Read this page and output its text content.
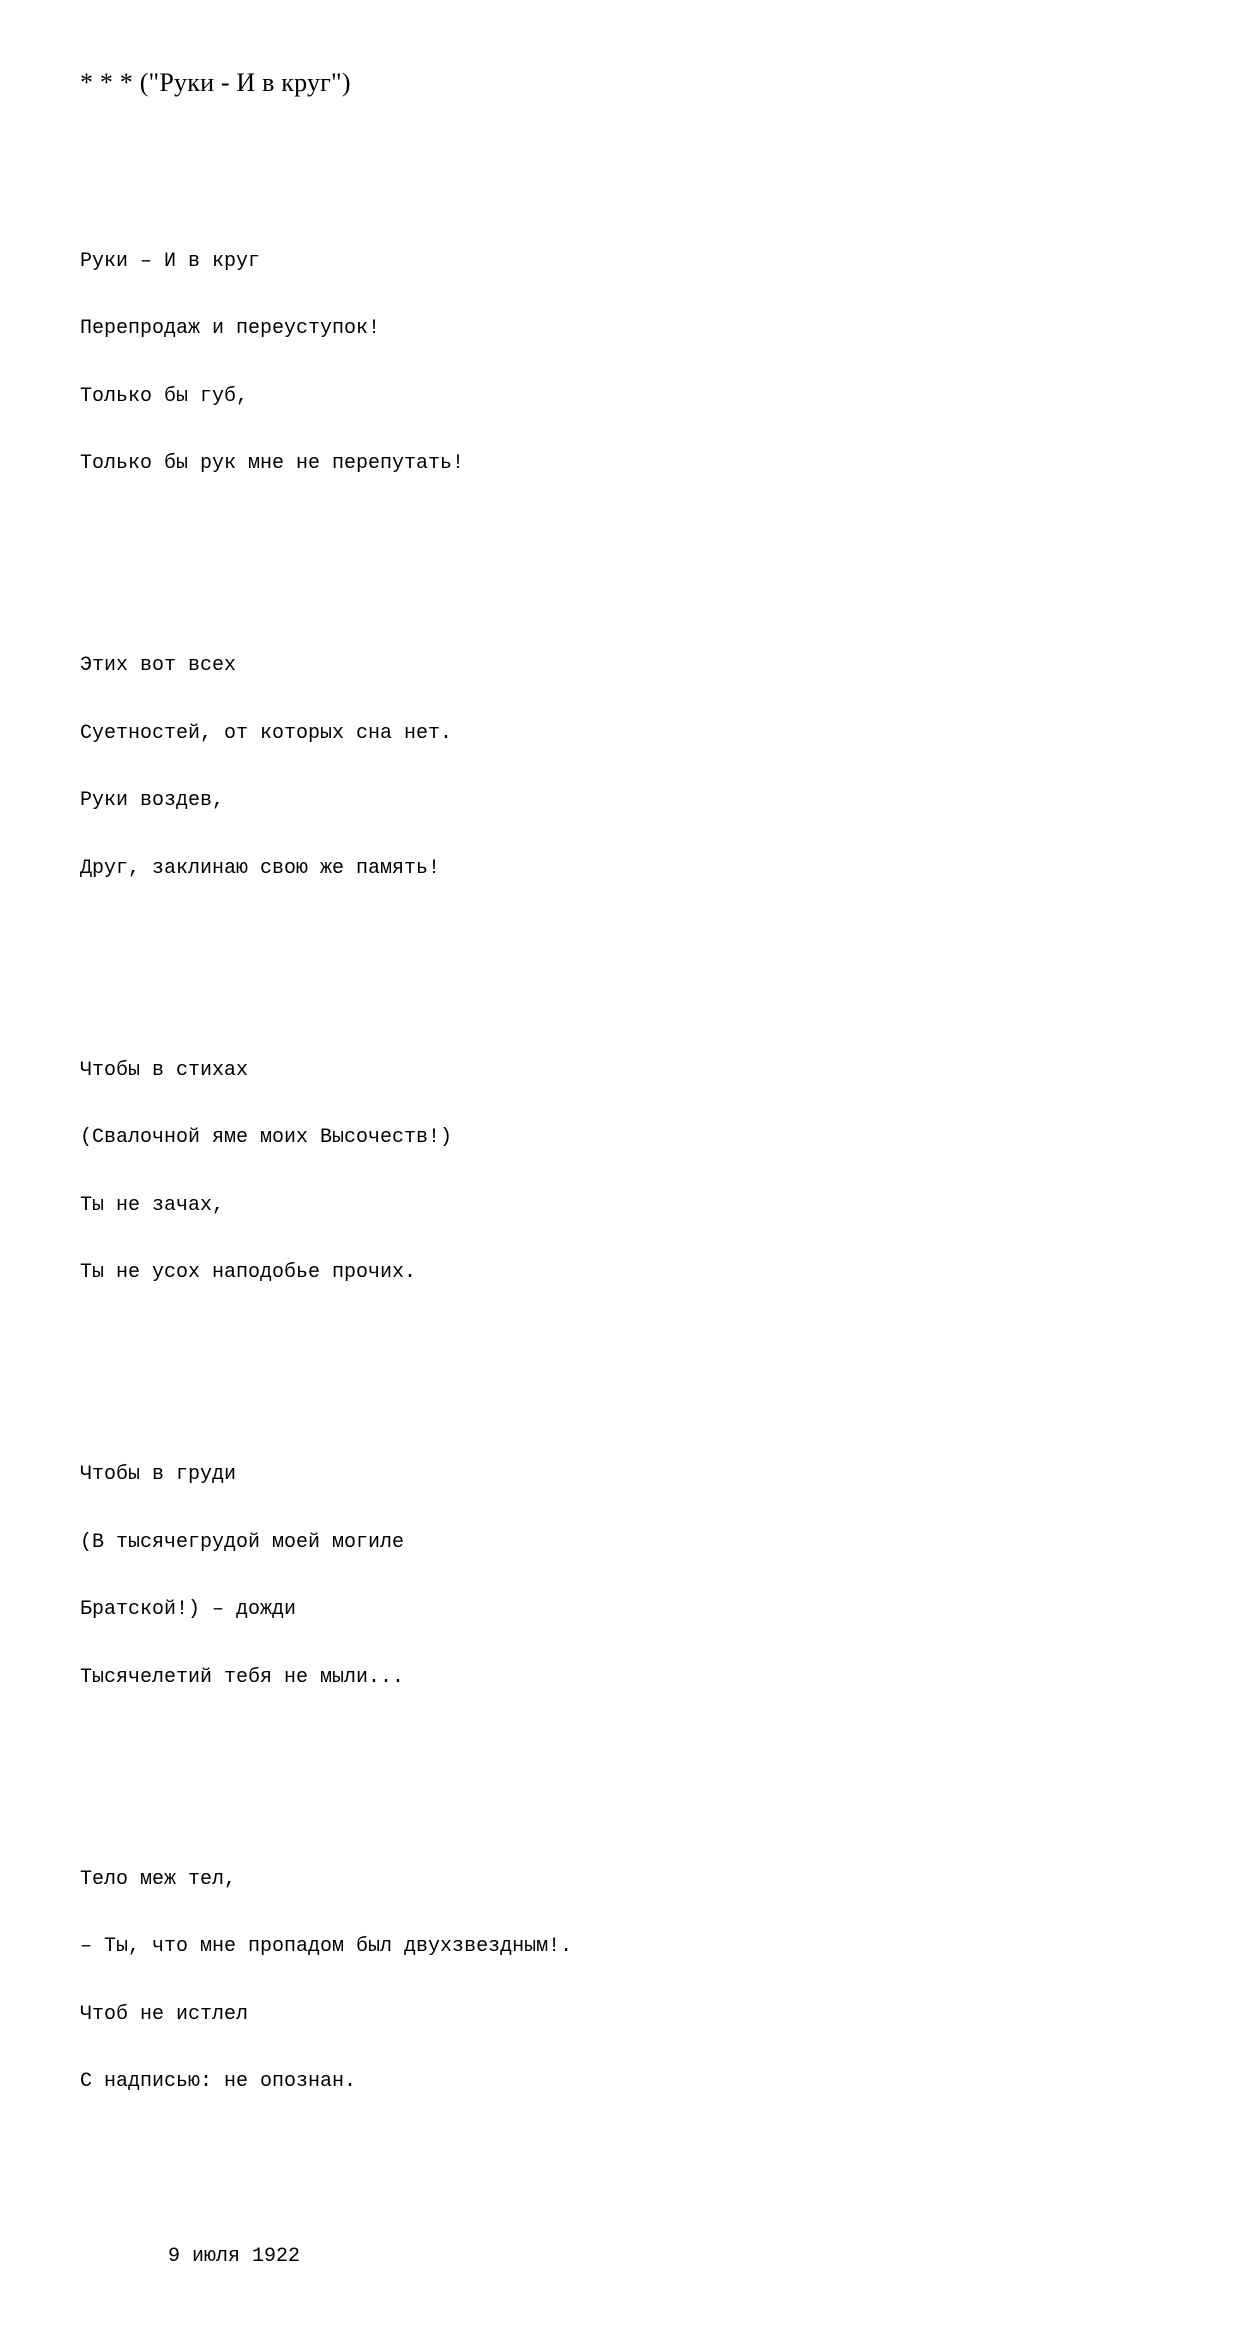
* * * ("Руки - И в круг")

Руки – И в круг

Перепродаж и переуступок!

Только бы губ,

Только бы рук мне не перепутать!

Этих вот всех

Суетностей, от которых сна нет.

Руки воздев,

Друг, заклинаю свою же память!

Чтобы в стихах

(Свалочной яме моих Высочеств!)

Ты не зачах,

Ты не усох наподобье прочих.

Чтобы в груди

(В тысячегрудой моей могиле

Братской!) – дожди

Тысячелетий тебя не мыли...

Тело меж тел,

– Ты, что мне пропадом был двухзвездным!.

Чтоб не истлел

С надписью: не опознан.

9 июля 1922
